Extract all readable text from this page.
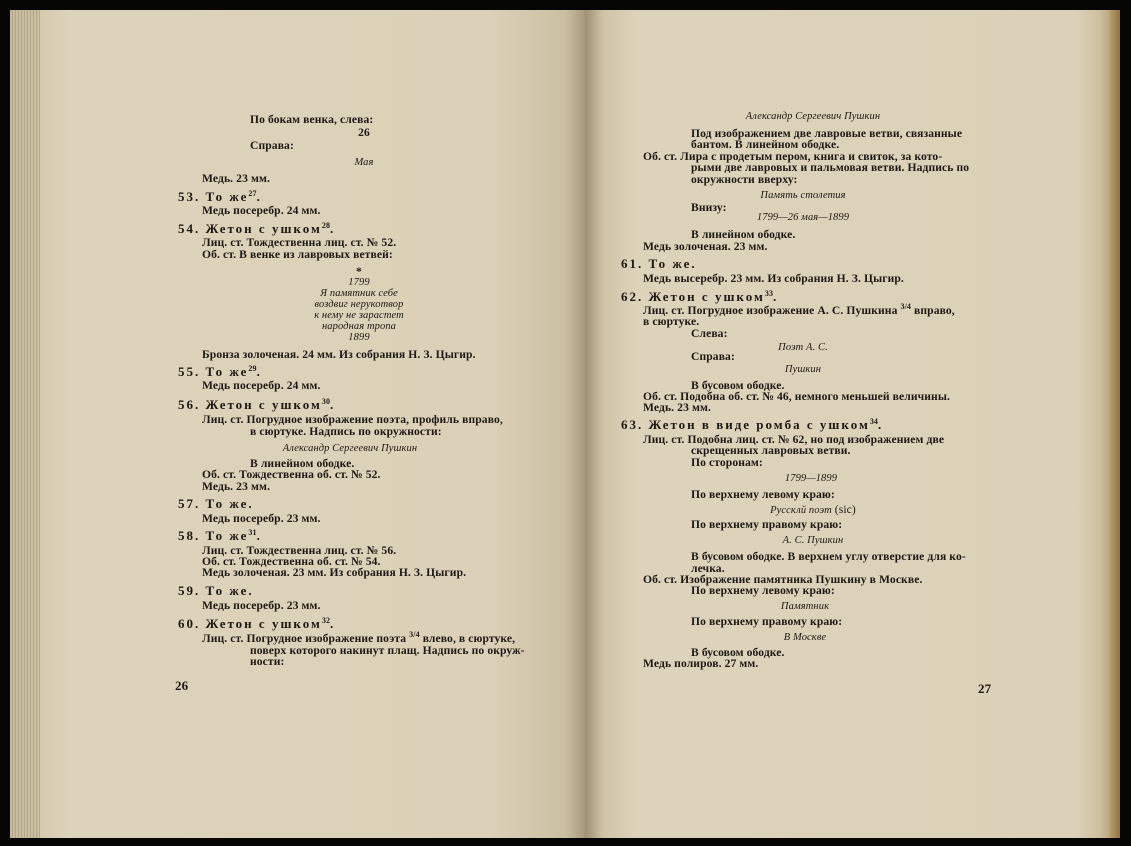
По бокам венка, слева:
26
Справа:
Мая
Медь. 23 мм.
53. То $же^{27}$.
Медь посеребр. 24 мм.
54. Жетон с ушком$^{28}$.
Лиц. ст. Тождественна лиц. ст. № 52.
Об. ст. В венке из лавровых ветвей:
*
1799
Я памятник себе
воздвиг нерукотвор
к нему не зарастет
народная тропа
1899
Бронза золоченая. 24 мм. Из собрания Н. З. Цыгир.
55. То $же^{29}$.
Медь посеребр. 24 мм.
56. Жетон с ушком$^{30}$.
Лиц. ст. Погрудное изображение поэта, профиль вправо,
в сюртуке. Надпись по окружности:
Александр Сергеевич Пушкин
В линейном ободке.
Об. ст. Тождественна об. ст. № 52.
Медь. 23 мм.
57. То же.
Медь посеребр. 23 мм.
58. То $же^{31}$.
Лиц. ст. Тождественна лиц. ст. № 56.
Об. ст. Тождественна об. ст. № 54.
Медь золоченая. 23 мм. Из собрания Н. З. Цыгир.
59. То же.
Медь посеребр. 23 мм.
60. Жетон с ушком$^{32}$.
Лиц. ст. Погрудное изображение поэта $^{3/4}$ влево, в сюртуке,
поверх которого накинут плащ. Надпись по окруж-
ности:
26
Александр Сергеевич Пушкин
Под изображением две лавровые ветви, связанные
бантом. В линейном ободке.
Об. ст. Лира с продетым пером, книга и свиток, за кото-
рыми две лавровых и пальмовая ветви. Надпись по
окружности вверху:
Память столетия
Внизу:
1799—26 мая—1899
В линейном ободке.
Медь золоченая. 23 мм.
61. То же.
Медь высеребр. 23 мм. Из собрания Н. З. Цыгир.
62. Жетон с ушком$^{33}$.
Лиц. ст. Погрудное изображение А. С. Пушкина $^{3/4}$ вправо,
в сюртуке.
Слева:
Поэт А. С.
Справа:
Пушкин
В бусовом ободке.
Об. ст. Подобна об. ст. № 46, немного меньшей величины.
Медь. 23 мм.
63. Жетон в виде ромба с ушком$^{34}$.
Лиц. ст. Подобна лиц. ст. № 62, но под изображением две
скрещенных лавровых ветви.
По сторонам:
1799—1899
По верхнему левому краю:
Руссклй поэт (sic)
По верхнему правому краю:
А. С. Пушкин
В бусовом ободке. В верхнем углу отверстие для ко-
лечка.
Об. ст. Изображение памятника Пушкину в Москве.
По верхнему левому краю:
Памятник
По верхнему правому краю:
В Москве
В бусовом ободке.
Медь полиров. 27 мм.
27
